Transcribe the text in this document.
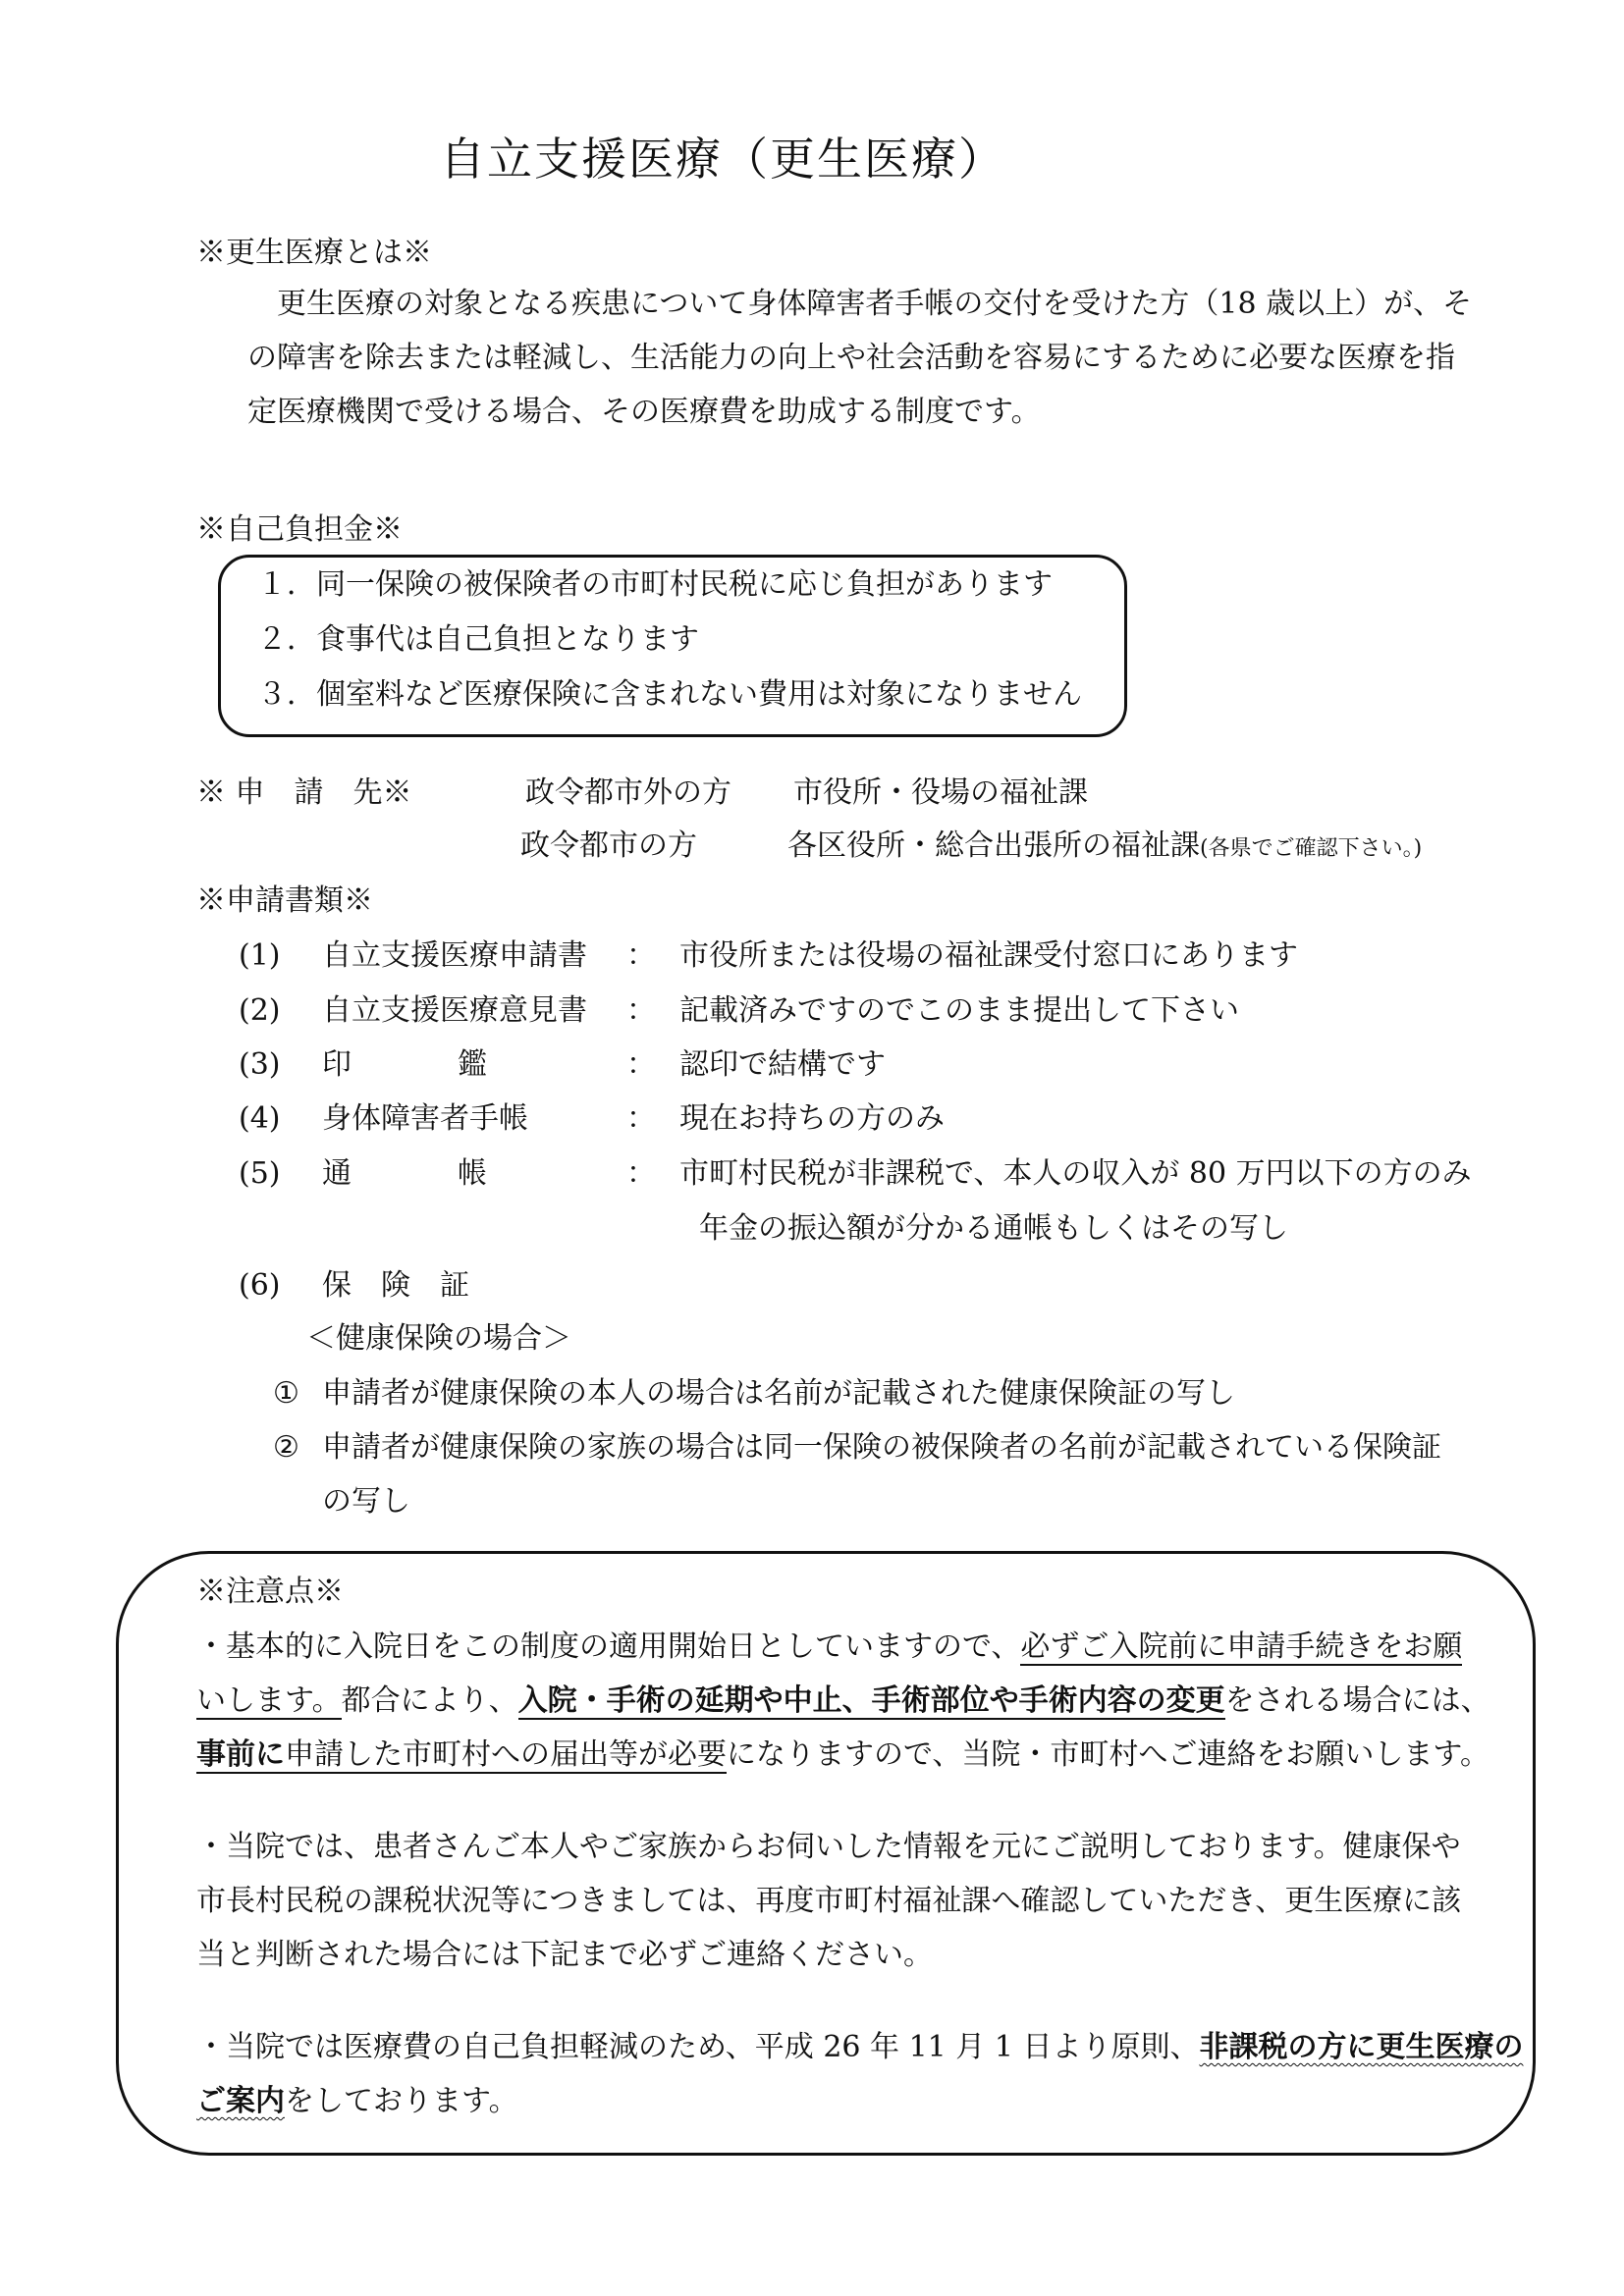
自立支援医療（更生医療）
※更生医療とは※
更生医療の対象となる疾患について身体障害者手帳の交付を受けた方（18 歳以上）が、そ
の障害を除去または軽減し、生活能力の向上や社会活動を容易にするために必要な医療を指
定医療機関で受ける場合、その医療費を助成する制度です。
※自己負担金※
１．同一保険の被保険者の市町村民税に応じ負担があります
２．食事代は自己負担となります
３．個室料など医療保険に含まれない費用は対象になりません
※ 申　請　先※	政令都市外の方 市役所・役場の福祉課
政令都市の方	各区役所・総合出張所の福祉課(各県でご確認下さい。)
※申請書類※
(1) 自立支援医療申請書 ： 市役所または役場の福祉課受付窓口にあります
(2) 自立支援医療意見書 ： 記載済みですのでこのまま提出して下さい
(3) 印	鑑	： 認印で結構です
(4) 身体障害者手帳	： 現在お持ちの方のみ
(5) 通	帳	： 市町村民税が非課税で、本人の収入が 80 万円以下の方のみ
年金の振込額が分かる通帳もしくはその写し
(6) 保　険　証
＜健康保険の場合＞
① 申請者が健康保険の本人の場合は名前が記載された健康保険証の写し
② 申請者が健康保険の家族の場合は同一保険の被保険者の名前が記載されている保険証
の写し
※注意点※
・基本的に入院日をこの制度の適用開始日としていますので、必ずご入院前に申請手続きをお願
いします。都合により、入院・手術の延期や中止、手術部位や手術内容の変更をされる場合には、
事前に申請した市町村への届出等が必要になりますので、当院・市町村へご連絡をお願いします。
・当院では、患者さんご本人やご家族からお伺いした情報を元にご説明しております。健康保や
市長村民税の課税状況等につきましては、再度市町村福祉課へ確認していただき、更生医療に該
当と判断された場合には下記まで必ずご連絡ください。
・当院では医療費の自己負担軽減のため、平成 26 年 11 月 1 日より原則、非課税の方に更生医療の
ご案内をしております。
